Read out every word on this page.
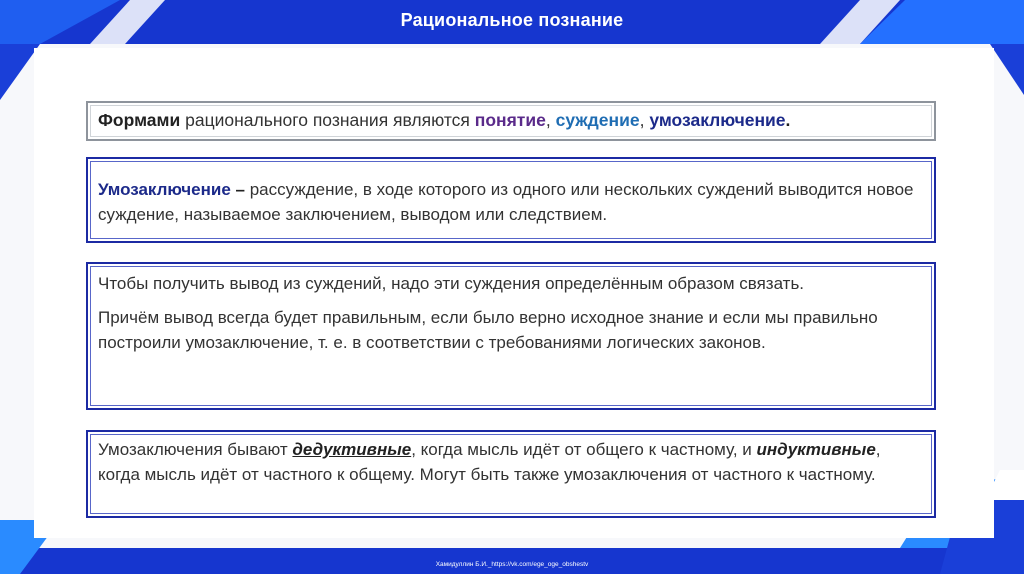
Рациональное познание
Формами рационального познания являются понятие, суждение, умозаключение.
Умозаключение – рассуждение, в ходе которого из одного или нескольких суждений выводится новое суждение, называемое заключением, выводом или следствием.

Чтобы получить вывод из суждений, надо эти суждения определённым образом связать.

Причём вывод всегда будет правильным, если было верно исходное знание и если мы правильно построили умозаключение, т. е. в соответствии с требованиями логических законов.

Умозаключения бывают дедуктивные, когда мысль идёт от общего к частному, и индуктивные, когда мысль идёт от частного к общему. Могут быть также умозаключения от частного к частному.
Хамидуллин Б.И._https://vk.com/ege_oge_obshestv
